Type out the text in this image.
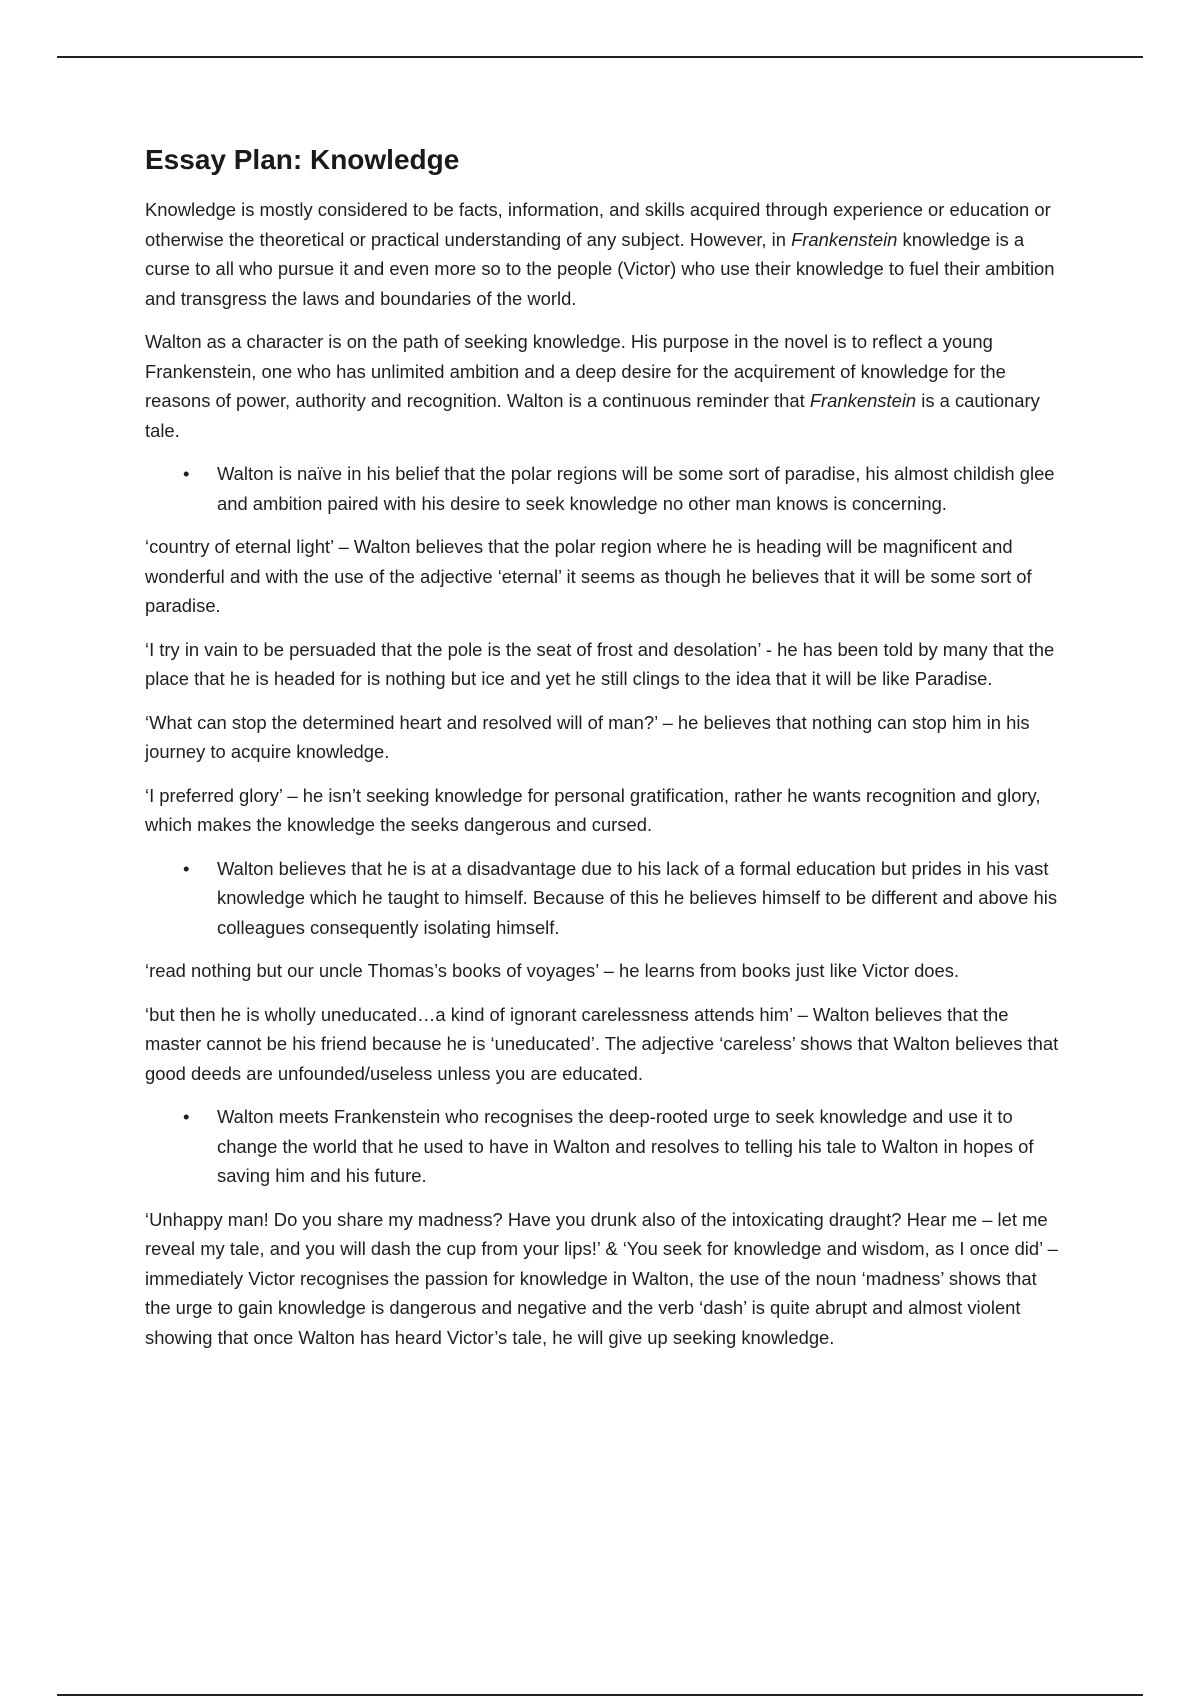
Essay Plan: Knowledge

Knowledge is mostly considered to be facts, information, and skills acquired through experience or education or otherwise the theoretical or practical understanding of any subject. However, in Frankenstein knowledge is a curse to all who pursue it and even more so to the people (Victor) who use their knowledge to fuel their ambition and transgress the laws and boundaries of the world.

Walton as a character is on the path of seeking knowledge. His purpose in the novel is to reflect a young Frankenstein, one who has unlimited ambition and a deep desire for the acquirement of knowledge for the reasons of power, authority and recognition. Walton is a continuous reminder that Frankenstein is a cautionary tale.

• Walton is naïve in his belief that the polar regions will be some sort of paradise, his almost childish glee and ambition paired with his desire to seek knowledge no other man knows is concerning.

‘country of eternal light’ – Walton believes that the polar region where he is heading will be magnificent and wonderful and with the use of the adjective ‘eternal’ it seems as though he believes that it will be some sort of paradise.

‘I try in vain to be persuaded that the pole is the seat of frost and desolation’ - he has been told by many that the place that he is headed for is nothing but ice and yet he still clings to the idea that it will be like Paradise.

‘What can stop the determined heart and resolved will of man?’ – he believes that nothing can stop him in his journey to acquire knowledge.

‘I preferred glory’ – he isn’t seeking knowledge for personal gratification, rather he wants recognition and glory, which makes the knowledge the seeks dangerous and cursed.

• Walton believes that he is at a disadvantage due to his lack of a formal education but prides in his vast knowledge which he taught to himself. Because of this he believes himself to be different and above his colleagues consequently isolating himself.

‘read nothing but our uncle Thomas’s books of voyages’ – he learns from books just like Victor does.

‘but then he is wholly uneducated…a kind of ignorant carelessness attends him’ – Walton believes that the master cannot be his friend because he is ‘uneducated’. The adjective ‘careless’ shows that Walton believes that good deeds are unfounded/useless unless you are educated.

• Walton meets Frankenstein who recognises the deep-rooted urge to seek knowledge and use it to change the world that he used to have in Walton and resolves to telling his tale to Walton in hopes of saving him and his future.

‘Unhappy man! Do you share my madness? Have you drunk also of the intoxicating draught? Hear me – let me reveal my tale, and you will dash the cup from your lips!’ & ‘You seek for knowledge and wisdom, as I once did’ – immediately Victor recognises the passion for knowledge in Walton, the use of the noun ‘madness’ shows that the urge to gain knowledge is dangerous and negative and the verb ‘dash’ is quite abrupt and almost violent showing that once Walton has heard Victor’s tale, he will give up seeking knowledge.
